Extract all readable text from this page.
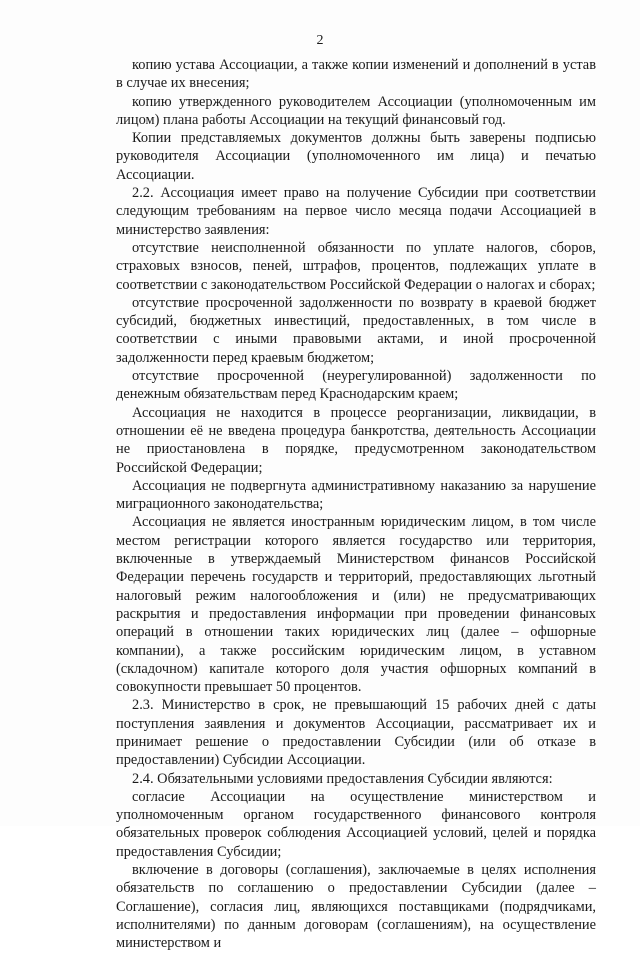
2

копию устава Ассоциации, а также копии изменений и дополнений в устав в случае их внесения;

копию утвержденного руководителем Ассоциации (уполномоченным им лицом) плана работы Ассоциации на текущий финансовый год.

Копии представляемых документов должны быть заверены подписью руководителя Ассоциации (уполномоченного им лица) и печатью Ассоциации.

2.2. Ассоциация имеет право на получение Субсидии при соответствии следующим требованиям на первое число месяца подачи Ассоциацией в министерство заявления:

отсутствие неисполненной обязанности по уплате налогов, сборов, страховых взносов, пеней, штрафов, процентов, подлежащих уплате в соответствии с законодательством Российской Федерации о налогах и сборах;

отсутствие просроченной задолженности по возврату в краевой бюджет субсидий, бюджетных инвестиций, предоставленных, в том числе в соответствии с иными правовыми актами, и иной просроченной задолженности перед краевым бюджетом;

отсутствие просроченной (неурегулированной) задолженности по денежным обязательствам перед Краснодарским краем;

Ассоциация не находится в процессе реорганизации, ликвидации, в отношении её не введена процедура банкротства, деятельность Ассоциации не приостановлена в порядке, предусмотренном законодательством Российской Федерации;

Ассоциация не подвергнута административному наказанию за нарушение миграционного законодательства;

Ассоциация не является иностранным юридическим лицом, в том числе местом регистрации которого является государство или территория, включенные в утверждаемый Министерством финансов Российской Федерации перечень государств и территорий, предоставляющих льготный налоговый режим налогообложения и (или) не предусматривающих раскрытия и предоставления информации при проведении финансовых операций в отношении таких юридических лиц (далее – офшорные компании), а также российским юридическим лицом, в уставном (складочном) капитале которого доля участия офшорных компаний в совокупности превышает 50 процентов.

2.3. Министерство в срок, не превышающий 15 рабочих дней с даты поступления заявления и документов Ассоциации, рассматривает их и принимает решение о предоставлении Субсидии (или об отказе в предоставлении) Субсидии Ассоциации.

2.4. Обязательными условиями предоставления Субсидии являются:

согласие Ассоциации на осуществление министерством и уполномоченным органом государственного финансового контроля обязательных проверок соблюдения Ассоциацией условий, целей и порядка предоставления Субсидии;

включение в договоры (соглашения), заключаемые в целях исполнения обязательств по соглашению о предоставлении Субсидии (далее – Соглашение), согласия лиц, являющихся поставщиками (подрядчиками, исполнителями) по данным договорам (соглашениям), на осуществление министерством и
